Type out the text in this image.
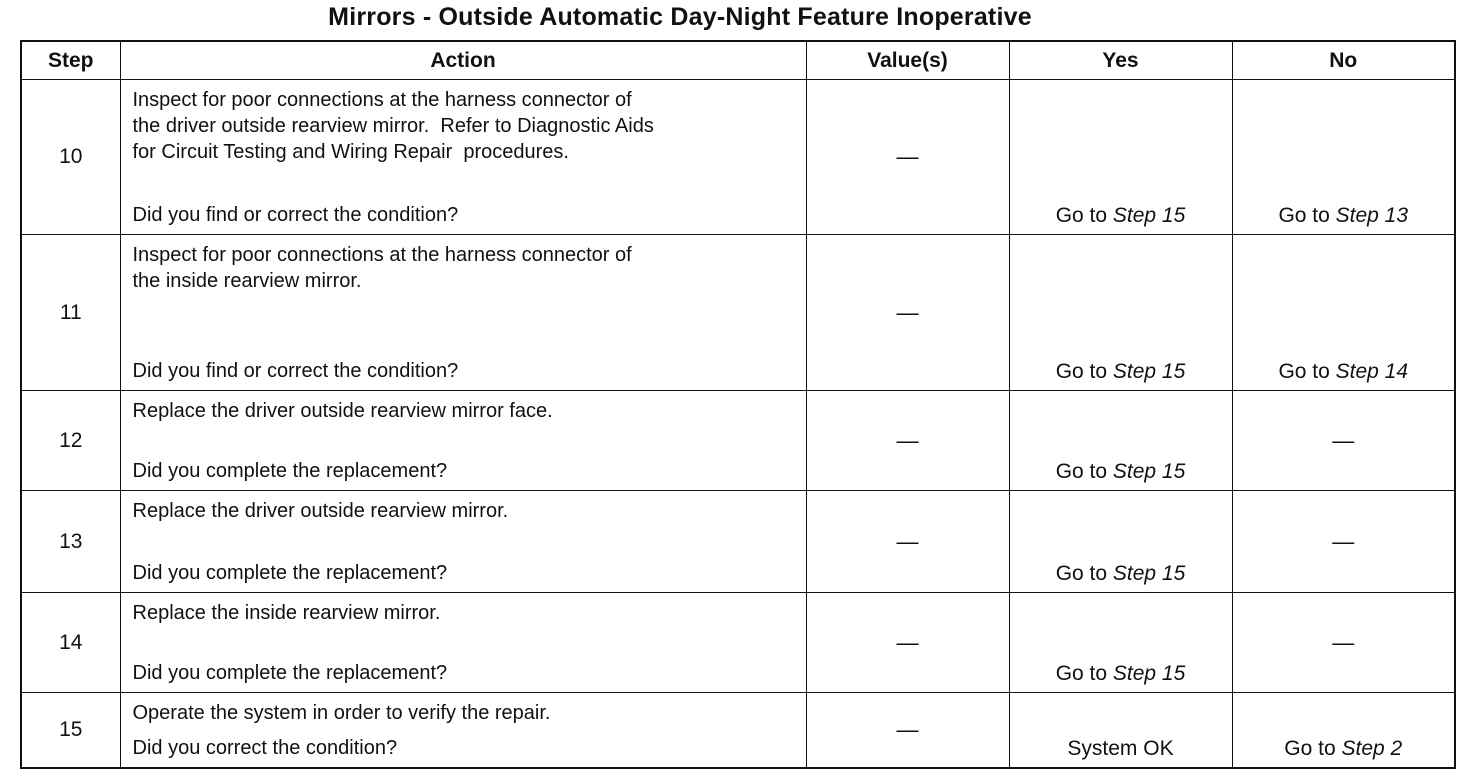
Mirrors - Outside Automatic Day-Night Feature Inoperative
Step	Action	Value(s)	Yes	No
10	Inspect for poor connections at the harness connector of
the driver outside rearview mirror.  Refer to Diagnostic Aids
for Circuit Testing and Wiring Repair  procedures.
Did you find or correct the condition?	—	Go to Step 15	Go to Step 13

11	Inspect for poor connections at the harness connector of
the inside rearview mirror.
Did you find or correct the condition?	—	Go to Step 15	Go to Step 14

12	Replace the driver outside rearview mirror face.
Did you complete the replacement?	—	Go to Step 15	—

13	Replace the driver outside rearview mirror.
Did you complete the replacement?	—	Go to Step 15	—

14	Replace the inside rearview mirror.
Did you complete the replacement?	—	Go to Step 15	—

15	Operate the system in order to verify the repair.
Did you correct the condition?	—	System OK	Go to Step 2
